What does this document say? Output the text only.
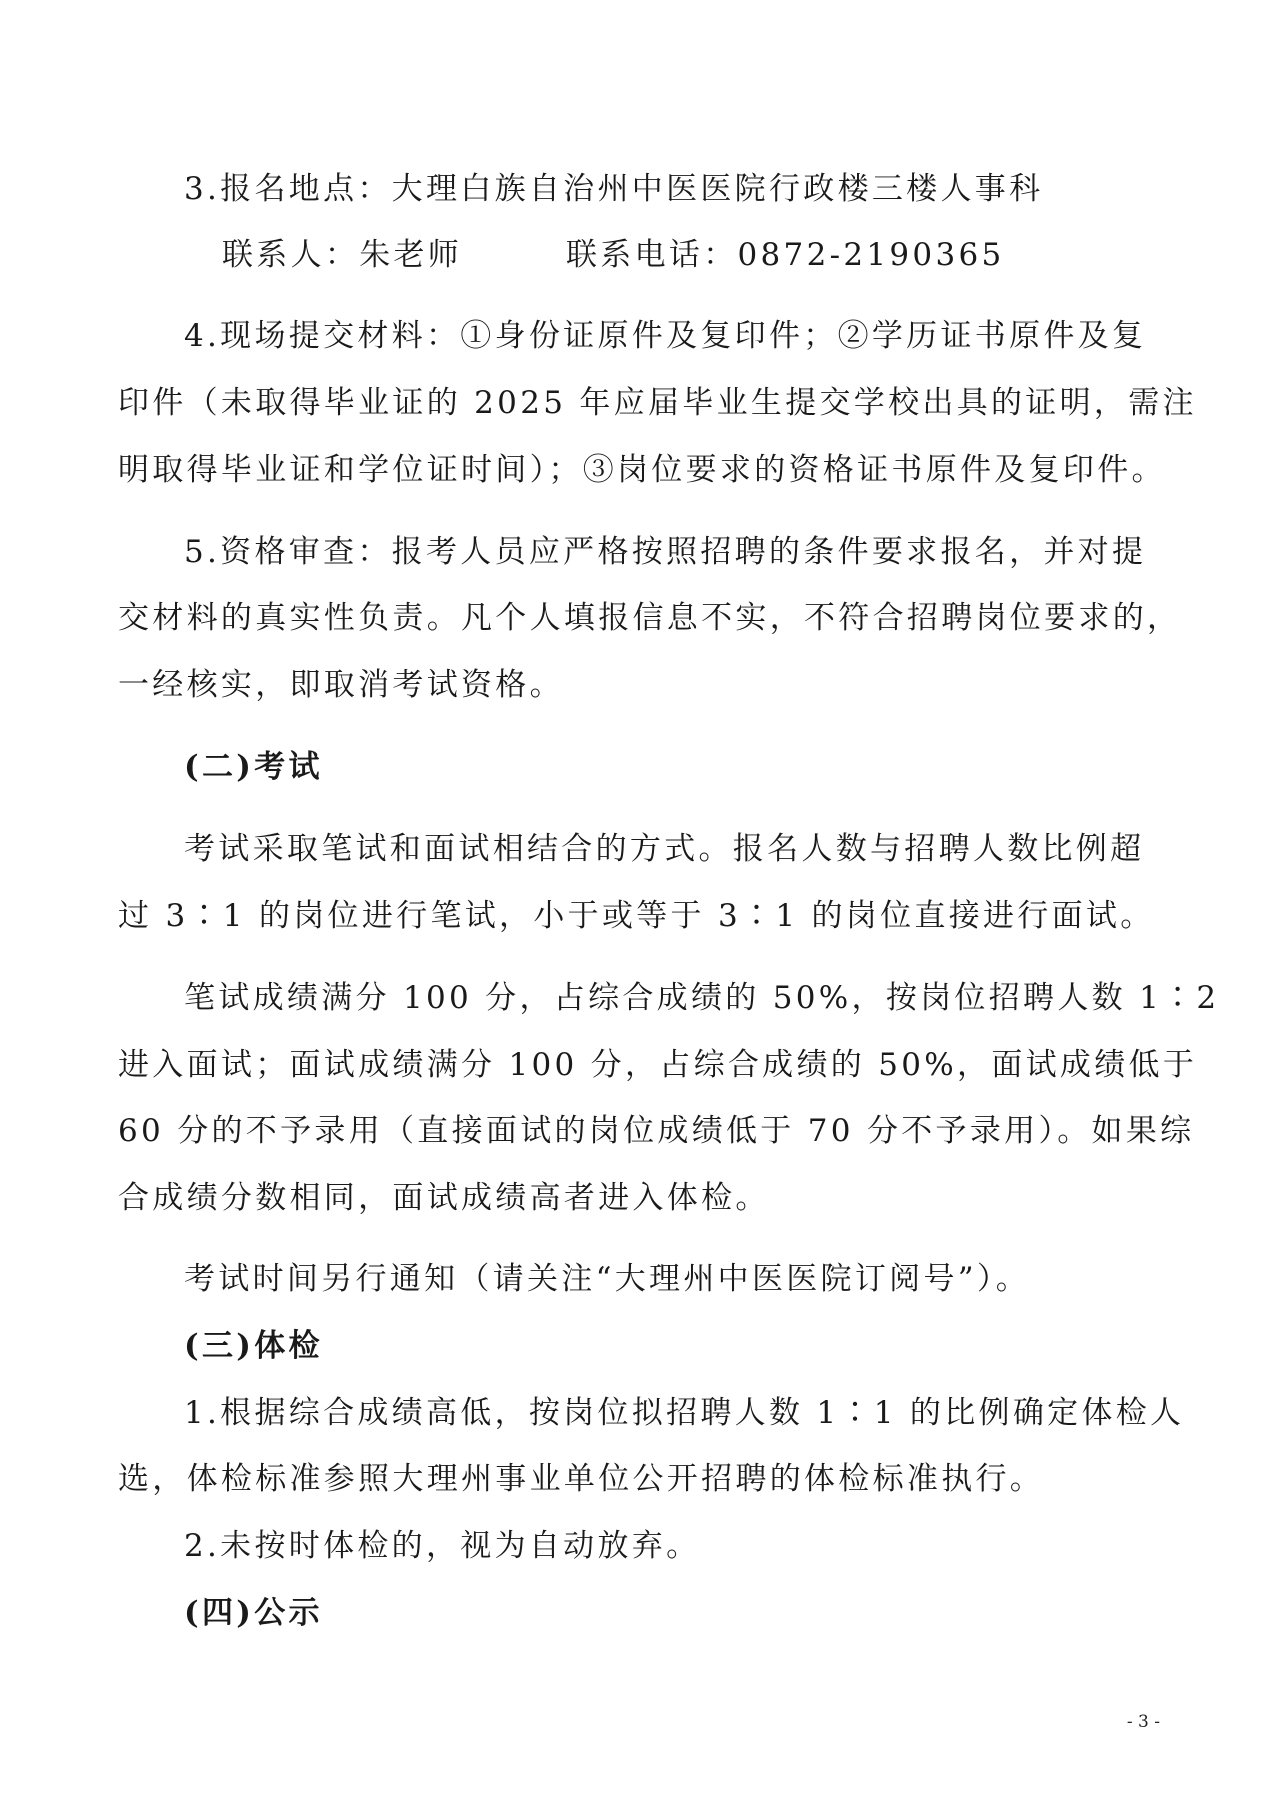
3.报名地点：大理白族自治州中医医院行政楼三楼人事科
联系人：朱老师	联系电话：0872-2190365
4.现场提交材料：①身份证原件及复印件；②学历证书原件及复
印件（未取得毕业证的 2025 年应届毕业生提交学校出具的证明，需注
明取得毕业证和学位证时间）；③岗位要求的资格证书原件及复印件。
5.资格审查：报考人员应严格按照招聘的条件要求报名，并对提
交材料的真实性负责。凡个人填报信息不实，不符合招聘岗位要求的，
一经核实，即取消考试资格。
(二)考试
考试采取笔试和面试相结合的方式。报名人数与招聘人数比例超
过 3∶1 的岗位进行笔试，小于或等于 3∶1 的岗位直接进行面试。
笔试成绩满分 100 分，占综合成绩的 50%，按岗位招聘人数 1∶2
进入面试；面试成绩满分 100 分，占综合成绩的 50%，面试成绩低于
60 分的不予录用（直接面试的岗位成绩低于 70 分不予录用）。如果综
合成绩分数相同，面试成绩高者进入体检。
考试时间另行通知（请关注“大理州中医医院订阅号”）。
(三)体检
1.根据综合成绩高低，按岗位拟招聘人数 1∶1 的比例确定体检人
选，体检标准参照大理州事业单位公开招聘的体检标准执行。
2.未按时体检的，视为自动放弃。
(四)公示
- 3 -
